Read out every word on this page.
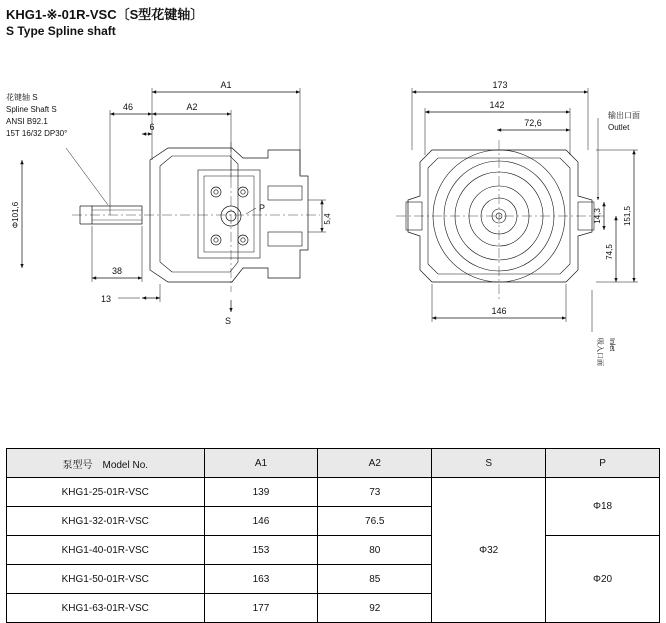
KHG1-※-01R-VSC〔S型花键轴〕
S Type Spline shaft
A1
A2
46
6
Φ101,6
38
13
P
5,4
S
173
142
72,6
146
14,3	151,5
74,5
花键轴 S
Spline Shaft S
ANSI B92.1
15T 16/32 DP30°
输出口面
Outlet
吸入口面 Inlet
泵型号　Model No.	A1	A2	S	P
KHG1-25-01R-VSC	139	73	Φ32	Φ18
KHG1-32-01R-VSC	146	76.5		
KHG1-40-01R-VSC	153	80		Φ20
KHG1-50-01R-VSC	163	85		
KHG1-63-01R-VSC	177	92		
